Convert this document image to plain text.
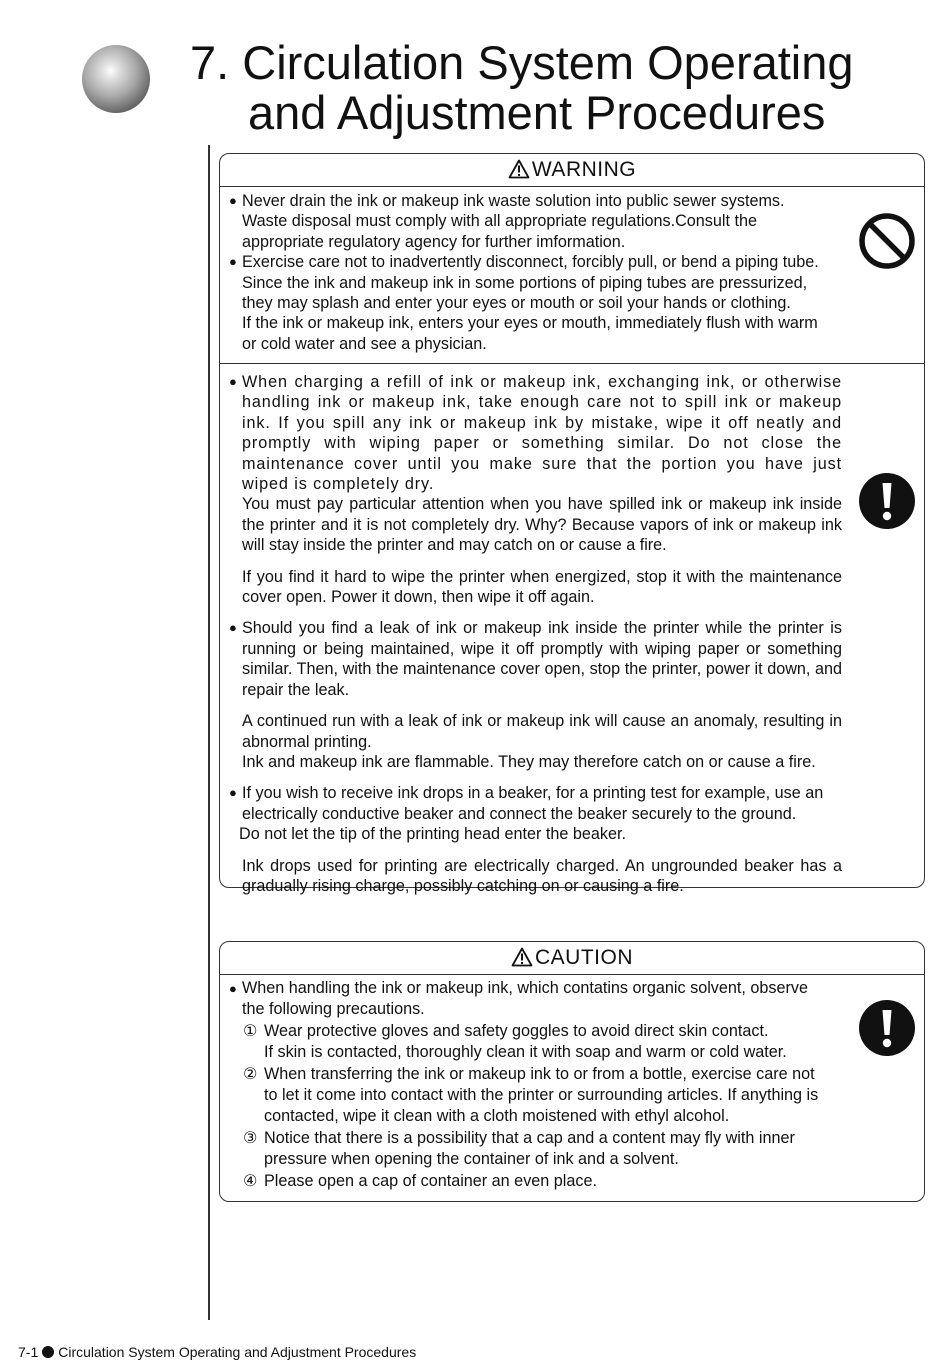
7. Circulation System Operating
and Adjustment Procedures
WARNING
● Never drain the ink or makeup ink waste solution into public sewer systems.
Waste disposal must comply with all appropriate regulations.Consult the
appropriate regulatory agency for further imformation.
● Exercise care not to inadvertently disconnect, forcibly pull, or bend a piping tube.
Since the ink and makeup ink in some portions of piping tubes are pressurized,
they may splash and enter your eyes or mouth or soil your hands or clothing.
If the ink or makeup ink, enters your eyes or mouth, immediately flush with warm
or cold water and see a physician.
● When charging a refill of ink or makeup ink, exchanging ink, or otherwise handling ink or makeup ink, take enough care not to spill ink or makeup ink. If you spill any ink or makeup ink by mistake, wipe it off neatly and promptly with wiping paper or something similar. Do not close the maintenance cover until you make sure that the portion you have just wiped is completely dry.
You must pay particular attention when you have spilled ink or makeup ink inside the printer and it is not completely dry. Why? Because vapors of ink or makeup ink will stay inside the printer and may catch on or cause a fire.
If you find it hard to wipe the printer when energized, stop it with the maintenance cover open. Power it down, then wipe it off again.
● Should you find a leak of ink or makeup ink inside the printer while the printer is running or being maintained, wipe it off promptly with wiping paper or something similar. Then, with the maintenance cover open, stop the printer, power it down, and repair the leak.
A continued run with a leak of ink or makeup ink will cause an anomaly, resulting in abnormal printing.
Ink and makeup ink are flammable. They may therefore catch on or cause a fire.
● If you wish to receive ink drops in a beaker, for a printing test for example, use an
electrically conductive beaker and connect the beaker securely to the ground.
Do not let the tip of the printing head enter the beaker.
Ink drops used for printing are electrically charged. An ungrounded beaker has a gradually rising charge, possibly catching on or causing a fire.
CAUTION
● When handling the ink or makeup ink, which contatins organic solvent, observe
the following precautions.
① Wear protective gloves and safety goggles to avoid direct skin contact.
If skin is contacted, thoroughly clean it with soap and warm or cold water.
② When transferring the ink or makeup ink to or from a bottle, exercise care not
to let it come into contact with the printer or surrounding articles. If anything is
contacted, wipe it clean with a cloth moistened with ethyl alcohol.
③ Notice that there is a possibility that a cap and a content may fly with inner
pressure when opening the container of ink and a solvent.
④ Please open a cap of container an even place.
7-1 Circulation System Operating and Adjustment Procedures
